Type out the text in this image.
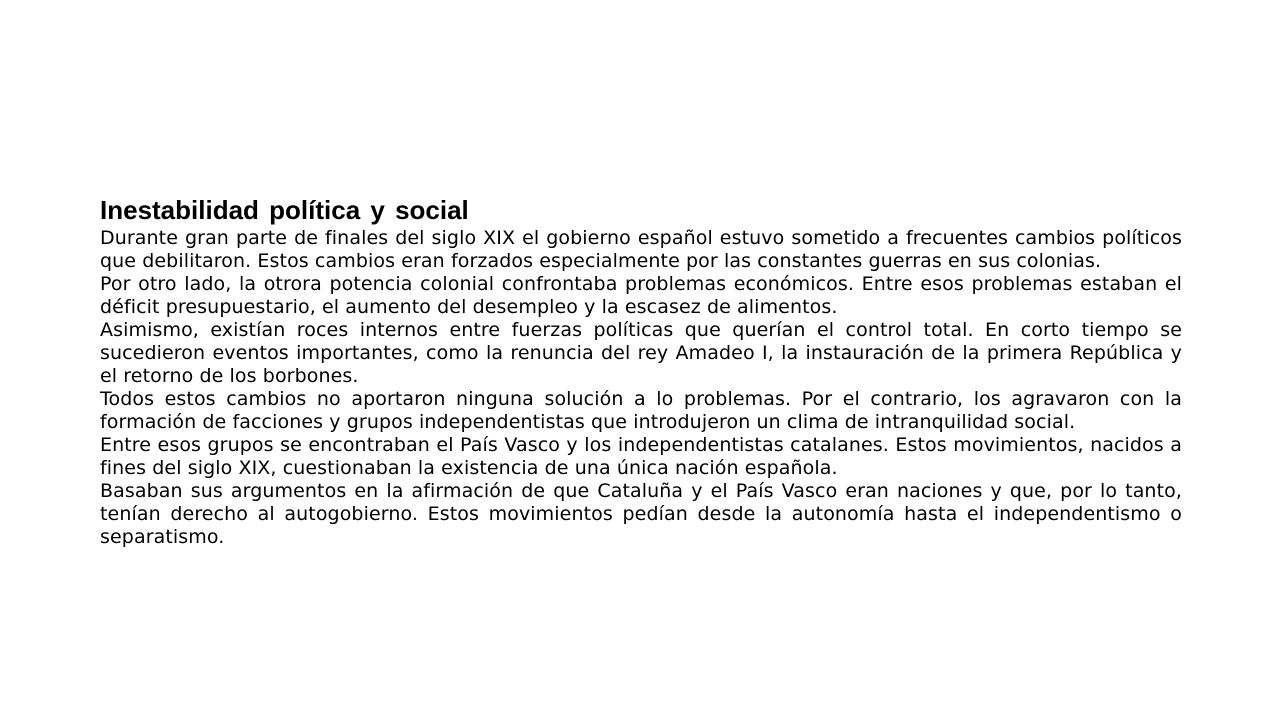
Inestabilidad política y social

Durante gran parte de finales del siglo XIX el gobierno español estuvo sometido a frecuentes cambios políticos que debilitaron. Estos cambios eran forzados especialmente por las constantes guerras en sus colonias.

Por otro lado, la otrora potencia colonial confrontaba problemas económicos. Entre esos problemas estaban el déficit presupuestario, el aumento del desempleo y la escasez de alimentos.

Asimismo, existían roces internos entre fuerzas políticas que querían el control total. En corto tiempo se sucedieron eventos importantes, como la renuncia del rey Amadeo I, la instauración de la primera República y el retorno de los borbones.

Todos estos cambios no aportaron ninguna solución a lo problemas. Por el contrario, los agravaron con la formación de facciones y grupos independentistas que introdujeron un clima de intranquilidad social.

Entre esos grupos se encontraban el País Vasco y los independentistas catalanes. Estos movimientos, nacidos a fines del siglo XIX, cuestionaban la existencia de una única nación española.

Basaban sus argumentos en la afirmación de que Cataluña y el País Vasco eran naciones y que, por lo tanto, tenían derecho al autogobierno. Estos movimientos pedían desde la autonomía hasta el independentismo o separatismo.
